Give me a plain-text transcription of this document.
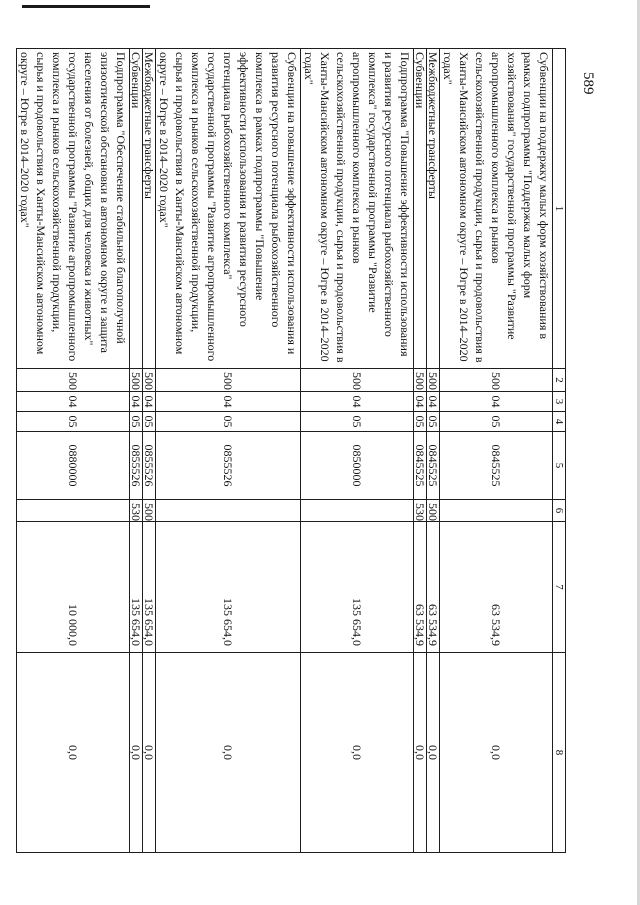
589
1	2	3	4	5	6	7	8
Субвенции на поддержку малых форм хозяйствования в рамках подпрограммы "Поддержка малых форм хозяйствования" государственной программы "Развитие агропромышленного комплекса и рынков сельскохозяйственной продукции, сырья и продовольствия в Ханты-Мансийском автономном округе – Югре в 2014–2020 годах"	500	04	05	0845525		63 534,9	0,0
Межбюджетные трансферты	500	04	05	0845525	500	63 534,9	0,0
Субвенции	500	04	05	0845525	530	63 534,9	0,0
Подпрограмма "Повышение эффективности использования и развития ресурсного потенциала рыбохозяйственного комплекса" государственной программы "Развитие агропромышленного комплекса и рынков сельскохозяйственной продукции, сырья и продовольствия в Ханты-Мансийском автономном округе – Югре в 2014–2020 годах"	500	04	05	0850000		135 654,0	0,0
Субвенции на повышение эффективности использования и развития ресурсного потенциала рыбохозяйственного комплекса в рамках подпрограммы "Повышение эффективности использования и развития ресурсного потенциала рыбохозяйственного комплекса" государственной программы "Развитие агропромышленного комплекса и рынков сельскохозяйственной продукции, сырья и продовольствия в Ханты-Мансийском автономном округе – Югре в 2014–2020 годах"	500	04	05	0855526		135 654,0	0,0
Межбюджетные трансферты	500	04	05	0855526	500	135 654,0	0,0
Субвенции	500	04	05	0855526	530	135 654,0	0,0
Подпрограмма "Обеспечение стабильной благополучной эпизоотической обстановки в автономном округе и защита населения от болезней, общих для человека и животных" государственной программы "Развитие агропромышленного комплекса и рынков сельскохозяйственной продукции, сырья и продовольствия в Ханты-Мансийском автономном округе – Югре в 2014–2020 годах"	500	04	05	0880000		10 000,0	0,0
